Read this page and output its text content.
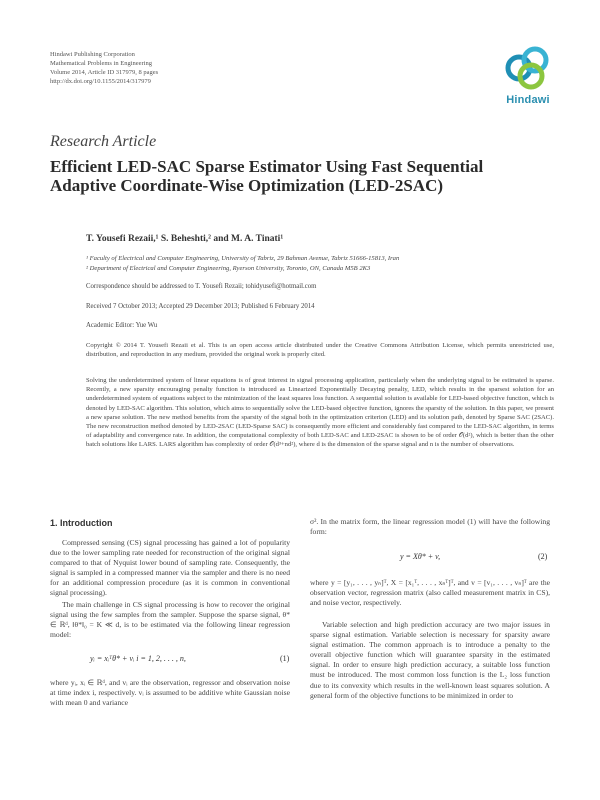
Hindawi Publishing Corporation
Mathematical Problems in Engineering
Volume 2014, Article ID 317979, 8 pages
http://dx.doi.org/10.1155/2014/317979
Hindawi
Research Article
Efficient LED-SAC Sparse Estimator Using Fast Sequential Adaptive Coordinate-Wise Optimization (LED-2SAC)
T. Yousefi Rezaii,¹ S. Beheshti,² and M. A. Tinati¹
¹ Faculty of Electrical and Computer Engineering, University of Tabriz, 29 Bahman Avenue, Tabriz 51666-15813, Iran
² Department of Electrical and Computer Engineering, Ryerson University, Toronto, ON, Canada M5B 2K3
Correspondence should be addressed to T. Yousefi Rezaii; tohidyusefi@hotmail.com
Received 7 October 2013; Accepted 29 December 2013; Published 6 February 2014
Academic Editor: Yue Wu
Copyright © 2014 T. Yousefi Rezaii et al. This is an open access article distributed under the Creative Commons Attribution License, which permits unrestricted use, distribution, and reproduction in any medium, provided the original work is properly cited.
Solving the underdetermined system of linear equations is of great interest in signal processing application, particularly when the underlying signal to be estimated is sparse. Recently, a new sparsity encouraging penalty function is introduced as Linearized Exponentially Decaying penalty, LED, which results in the sparsest solution for an underdetermined system of equations subject to the minimization of the least squares loss function. A sequential solution is available for LED-based objective function, which is denoted by LED-SAC algorithm. This solution, which aims to sequentially solve the LED-based objective function, ignores the sparsity of the solution. In this paper, we present a new sparse solution. The new method benefits from the sparsity of the signal both in the optimization criterion (LED) and its solution path, denoted by Sparse SAC (2SAC). The new reconstruction method denoted by LED-2SAC (LED-Sparse SAC) is consequently more efficient and considerably fast compared to the LED-SAC algorithm, in terms of adaptability and convergence rate. In addition, the computational complexity of both LED-SAC and LED-2SAC is shown to be of order 𝒪(d²), which is better than the other batch solutions like LARS. LARS algorithm has complexity of order 𝒪(d³+nd²), where d is the dimension of the sparse signal and n is the number of observations.
1. Introduction
Compressed sensing (CS) signal processing has gained a lot of popularity due to the lower sampling rate needed for reconstruction of the original signal compared to that of Nyquist lower bound of sampling rate. Consequently, the signal is sampled in a compressed manner via the sampler and there is no need for an additional compression procedure (as it is common in conventional signal processing).
The main challenge in CS signal processing is how to recover the original signal using the few samples from the sampler. Suppose the sparse signal, θ* ∈ ℝᵈ, ‖θ*‖₀ = K ≪ d, is to be estimated via the following linear regression model:
yᵢ = xᵢᵀθ* + vᵢ i = 1, 2, . . . , n,	(1)
where yᵢ, xᵢ ∈ ℝᵈ, and vᵢ are the observation, regressor and observation noise at time index i, respectively. vᵢ is assumed to be additive white Gaussian noise with mean 0 and variance
σ². In the matrix form, the linear regression model (1) will have the following form:
y = Xθ* + v,	(2)
where y = [y₁, . . . , yₙ]ᵀ, X = [x₁ᵀ, . . . , xₙᵀ]ᵀ, and v = [v₁, . . . , vₙ]ᵀ are the observation vector, regression matrix (also called measurement matrix in CS), and noise vector, respectively.
Variable selection and high prediction accuracy are two major issues in sparse signal estimation. Variable selection is necessary for sparsity aware signal estimation. The common approach is to introduce a penalty to the overall objective function which will guarantee sparsity in the estimated signal. In order to ensure high prediction accuracy, a suitable loss function must be introduced. The most common loss function is the L₂ loss function due to its convexity which results in the well-known least squares solution. A general form of the objective functions to be minimized in order to
